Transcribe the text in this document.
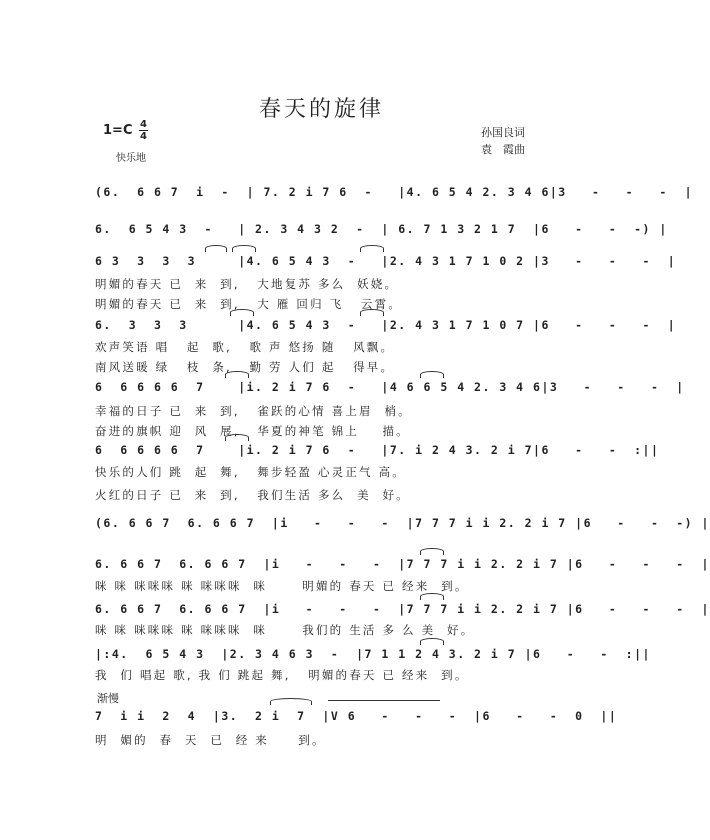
春天的旋律
1=C 4
4
快乐地
孙国良词
袁　霞曲
(6.  6 6 7  i  -  | 7. 2 i 7 6  -   |4. 6 5 4 2. 3 4 6|3   -   -   -  |
6.  6 5 4 3  -   | 2. 3 4 3 2  -  | 6. 7 1 3 2 1 7  |6   -   -  -) |
6 3  3  3  3     |4. 6 5 4 3  -   |2. 4 3 1 7 1 0 2 |3   -   -   -  |
明媚的春天 已  来  到,   大地复苏 多么  妖娆。
明媚的春天 已  来  到,   大 雁 回归 飞   云霄。
6.  3  3  3      |4. 6 5 4 3  -   |2. 4 3 1 7 1 0 7 |6   -   -   -  |
欢声笑语 唱   起  歌,   歌 声 悠扬 随   风飘。
南风送暖 绿   枝  条,   勤 劳 人们 起   得早。
6  6 6 6 6  7    |i. 2 i 7 6  -   |4 6 6 5 4 2. 3 4 6|3   -   -   -  |
幸福的日子 已  来  到,   雀跃的心情 喜上眉  梢。
奋进的旗帜 迎  风  展,   华夏的神笔 锦上    描。
6  6 6 6 6  7    |i. 2 i 7 6  -   |7. i 2 4 3. 2 i 7|6   -   -  :||
快乐的人们 跳  起  舞,   舞步轻盈 心灵正气 高。
火红的日子 已  来  到,   我们生活 多么  美  好。
(6. 6 6 7  6. 6 6 7  |i   -   -   -  |7 7 7 i i 2. 2 i 7 |6   -   -  -) |
6. 6 6 7  6. 6 6 7  |i   -   -   -  |7 7 7 i i 2. 2 i 7 |6   -   -   -  |
咪 咪 咪咪咪 咪 咪咪咪  咪      明媚的 春天 已 经来  到。
6. 6 6 7  6. 6 6 7  |i   -   -   -  |7 7 7 i i 2. 2 i 7 |6   -   -   -  |
咪 咪 咪咪咪 咪 咪咪咪  咪      我们的 生活 多 么 美  好。
|:4.  6 5 4 3  |2. 3 4 6 3  -  |7 1 1 2 4 3. 2 i 7 |6   -   -  :||
我  们 唱起 歌, 我 们 跳起 舞,   明媚的春天 已 经来  到。
渐慢
7  i i  2  4  |3.  2 i  7  |V 6   -   -   -  |6   -   -  0  ||
明  媚的  春  天  已  经 来     到。
